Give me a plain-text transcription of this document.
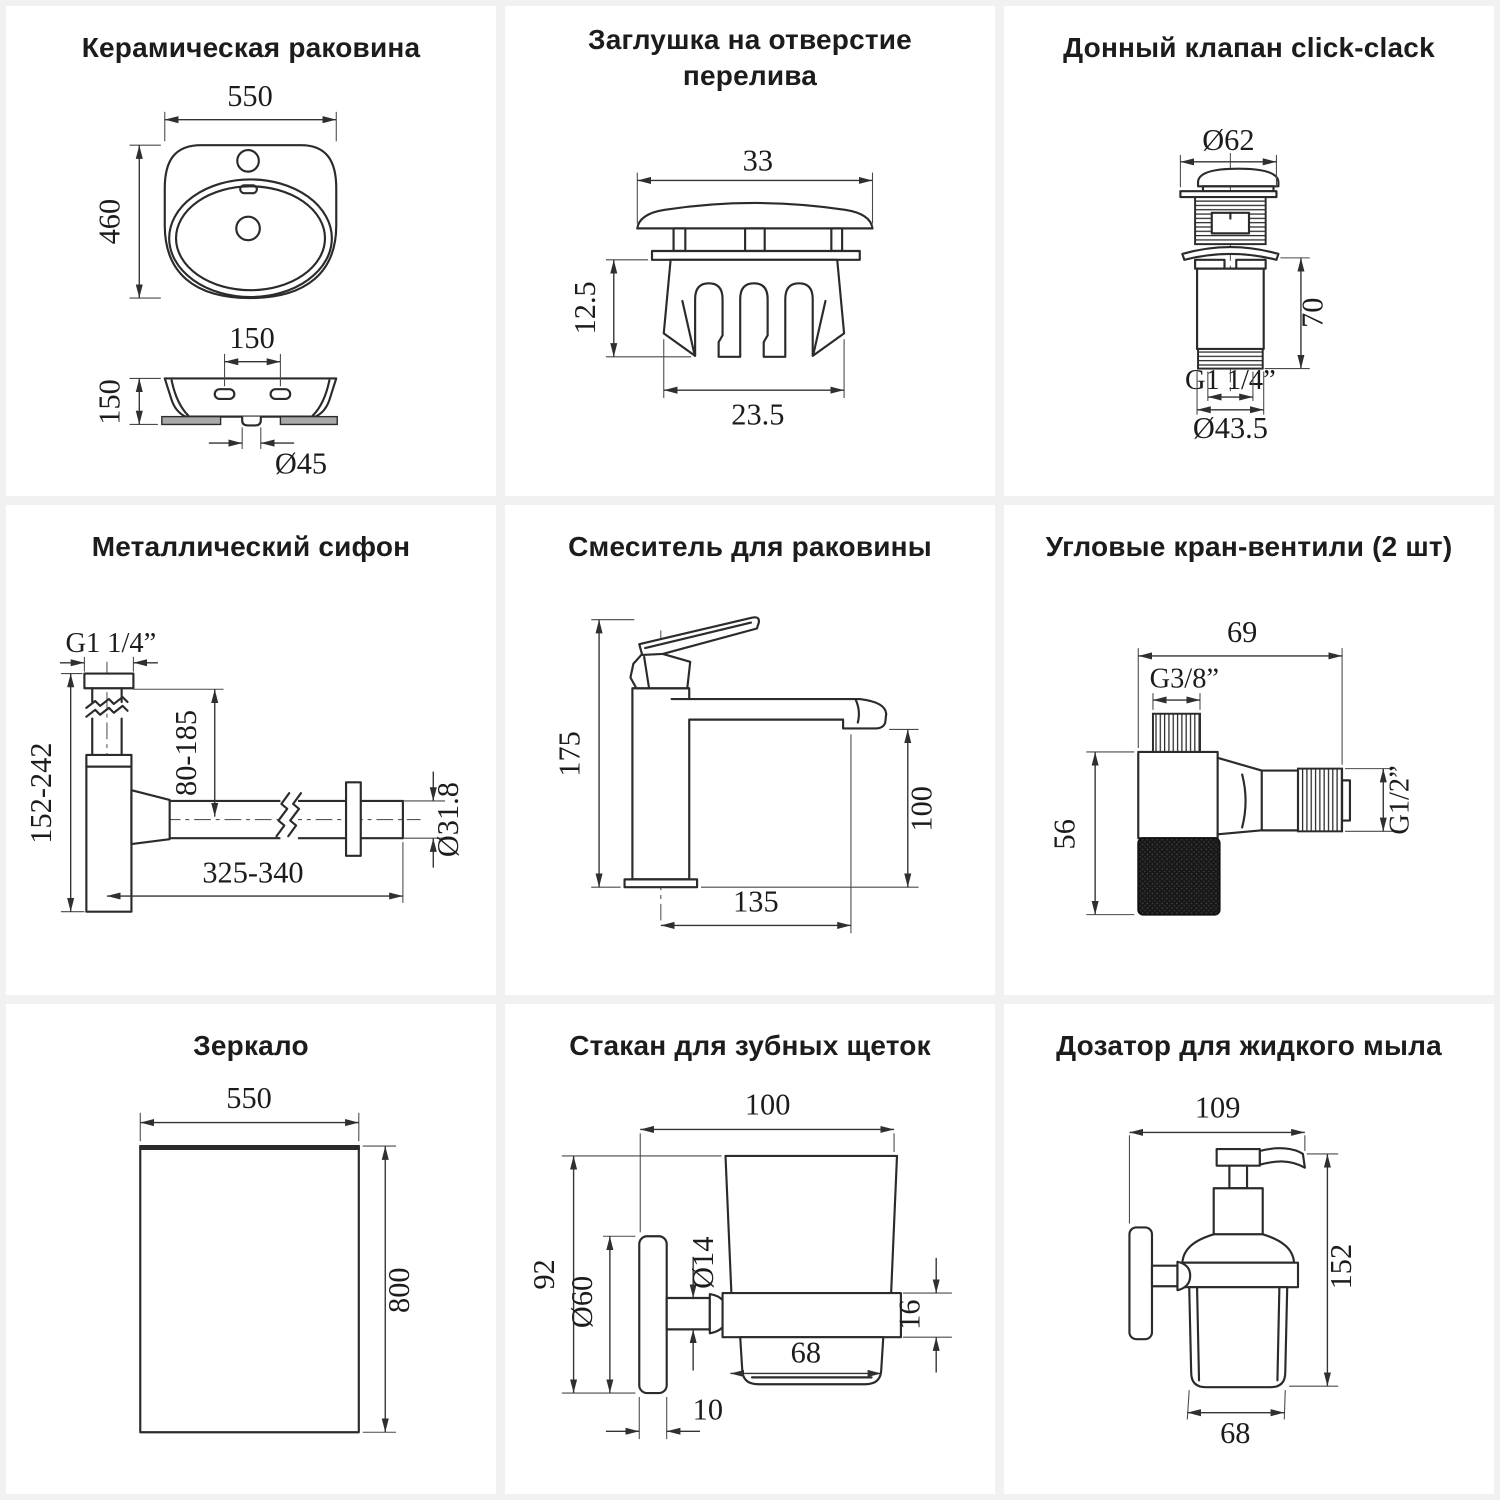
Керамическая раковина
550
460
150
150
Ø45
Заглушка на отверстие
перелива
33
12.5
23.5
Донный клапан click-clack
Ø62
70
G1 1/4”
Ø43.5
Металлический сифон
G1 1/4”
152-242	80-185
Ø31.8
325-340
Смеситель для раковины
175
100
135
Угловые кран-вентили (2 шт)
69
G3/8”
56	G1/2”
Зеркало
550
800
Стакан для зубных щеток
100
92
Ø60
Ø14
16
68
10
Дозатор для жидкого мыла
109
152
68
